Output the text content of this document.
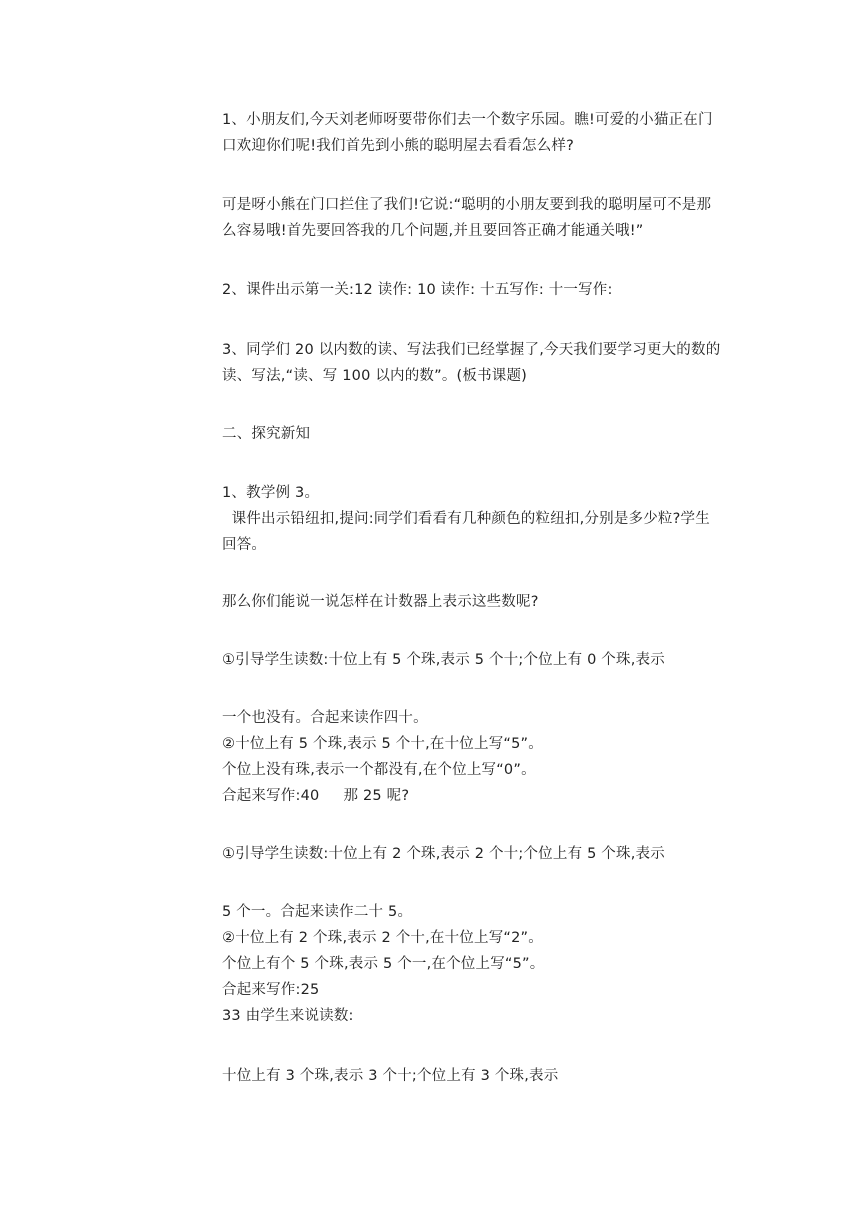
1、小朋友们,今天刘老师呀要带你们去一个数字乐园。瞧!可爱的小猫正在门
口欢迎你们呢!我们首先到小熊的聪明屋去看看怎么样?
可是呀小熊在门口拦住了我们!它说:“聪明的小朋友要到我的聪明屋可不是那
么容易哦!首先要回答我的几个问题,并且要回答正确才能通关哦!”
2、课件出示第一关:12 读作: 10 读作: 十五写作: 十一写作:
3、同学们 20 以内数的读、写法我们已经掌握了,今天我们要学习更大的数的
读、写法,“读、写 100 以内的数”。(板书课题)
二、探究新知
1、教学例 3。
课件出示铅纽扣,提问:同学们看看有几种颜色的粒纽扣,分别是多少粒?学生
回答。
那么你们能说一说怎样在计数器上表示这些数呢?
①引导学生读数:十位上有 5 个珠,表示 5 个十;个位上有 0 个珠,表示
一个也没有。合起来读作四十。
②十位上有 5 个珠,表示 5 个十,在十位上写“5”。
个位上没有珠,表示一个都没有,在个位上写“0”。
合起来写作:40     那 25 呢?
①引导学生读数:十位上有 2 个珠,表示 2 个十;个位上有 5 个珠,表示
5 个一。合起来读作二十 5。
②十位上有 2 个珠,表示 2 个十,在十位上写“2”。
个位上有个 5 个珠,表示 5 个一,在个位上写“5”。
合起来写作:25
33 由学生来说读数:
十位上有 3 个珠,表示 3 个十;个位上有 3 个珠,表示
